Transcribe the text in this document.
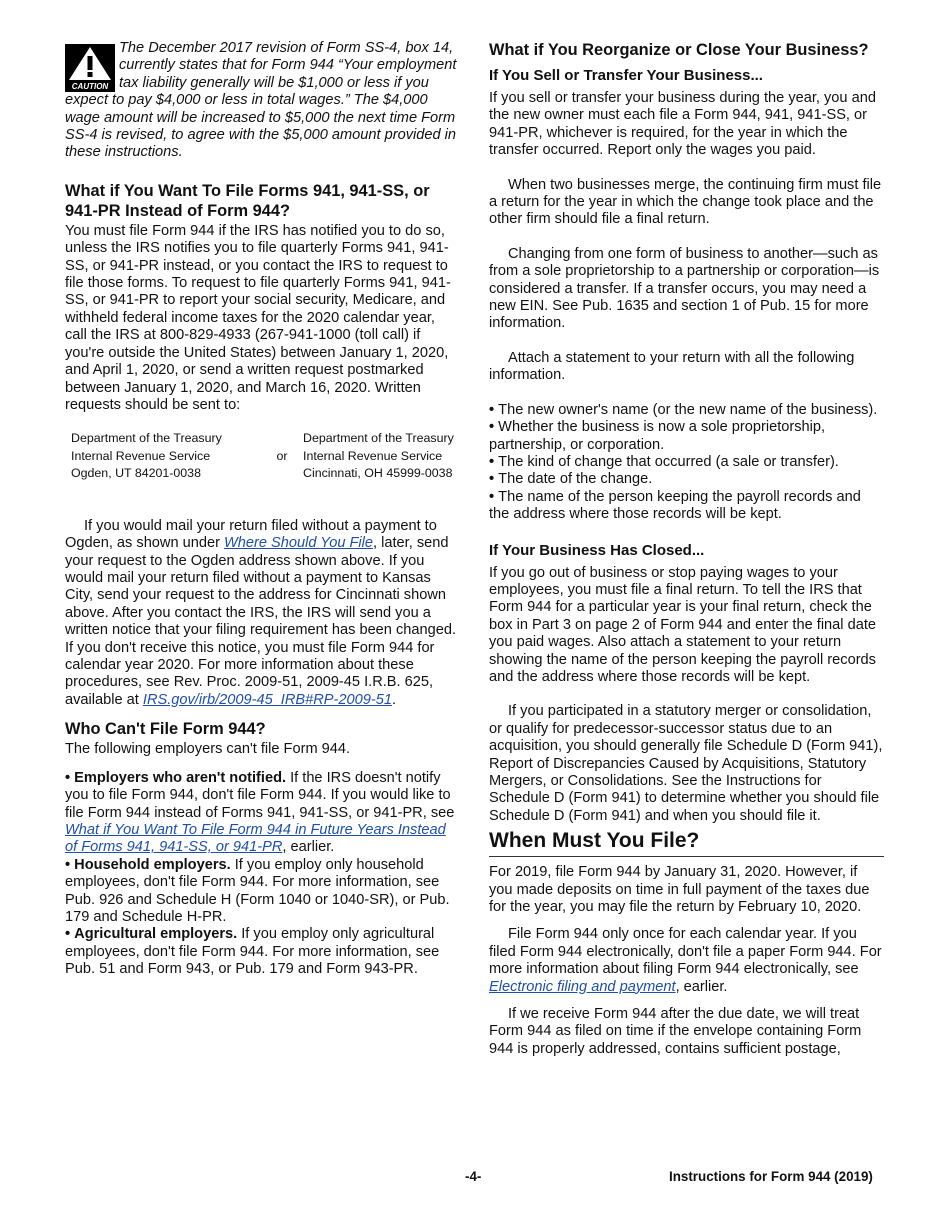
CAUTION
The December 2017 revision of Form SS-4, box 14, currently states that for Form 944 “Your employment tax liability generally will be $1,000 or less if you expect to pay $4,000 or less in total wages.” The $4,000 wage amount will be increased to $5,000 the next time Form SS-4 is revised, to agree with the $5,000 amount provided in these instructions.
What if You Want To File Forms 941, 941-SS, or 941-PR Instead of Form 944?

You must file Form 944 if the IRS has notified you to do so, unless the IRS notifies you to file quarterly Forms 941, 941-SS, or 941-PR instead, or you contact the IRS to request to file those forms. To request to file quarterly Forms 941, 941-SS, or 941-PR to report your social security, Medicare, and withheld federal income taxes for the 2020 calendar year, call the IRS at 800-829-4933 (267-941-1000 (toll call) if you're outside the United States) between January 1, 2020, and April 1, 2020, or send a written request postmarked between January 1, 2020, and March 16, 2020. Written requests should be sent to:

Department of the Treasury
Internal Revenue Service
Ogden, UT 84201-0038
	or	
Department of the Treasury
Internal Revenue Service
Cincinnati, OH 45999-0038

If you would mail your return filed without a payment to Ogden, as shown under Where Should You File, later, send your request to the Ogden address shown above. If you would mail your return filed without a payment to Kansas City, send your request to the address for Cincinnati shown above. After you contact the IRS, the IRS will send you a written notice that your filing requirement has been changed. If you don't receive this notice, you must file Form 944 for calendar year 2020. For more information about these procedures, see Rev. Proc. 2009-51, 2009-45 I.R.B. 625, available at IRS.gov/irb/2009-45_IRB#RP-2009-51.

Who Can't File Form 944?

The following employers can't file Form 944.

• Employers who aren't notified. If the IRS doesn't notify you to file Form 944, don't file Form 944. If you would like to file Form 944 instead of Forms 941, 941-SS, or 941-PR, see What if You Want To File Form 944 in Future Years Instead of Forms 941, 941-SS, or 941-PR, earlier.

• Household employers. If you employ only household employees, don't file Form 944. For more information, see Pub. 926 and Schedule H (Form 1040 or 1040-SR), or Pub. 179 and Schedule H-PR.

• Agricultural employers. If you employ only agricultural employees, don't file Form 944. For more information, see Pub. 51 and Form 943, or Pub. 179 and Form 943-PR.

What if You Reorganize or Close Your Business?
If You Sell or Transfer Your Business...

If you sell or transfer your business during the year, you and the new owner must each file a Form 944, 941, 941-SS, or 941-PR, whichever is required, for the year in which the transfer occurred. Report only the wages you paid.

When two businesses merge, the continuing firm must file a return for the year in which the change took place and the other firm should file a final return.

Changing from one form of business to another—such as from a sole proprietorship to a partnership or corporation—is considered a transfer. If a transfer occurs, you may need a new EIN. See Pub. 1635 and section 1 of Pub. 15 for more information.

Attach a statement to your return with all the following information.

• The new owner's name (or the new name of the business).

• Whether the business is now a sole proprietorship, partnership, or corporation.

• The kind of change that occurred (a sale or transfer).

• The date of the change.

• The name of the person keeping the payroll records and the address where those records will be kept.

If Your Business Has Closed...

If you go out of business or stop paying wages to your employees, you must file a final return. To tell the IRS that Form 944 for a particular year is your final return, check the box in Part 3 on page 2 of Form 944 and enter the final date you paid wages. Also attach a statement to your return showing the name of the person keeping the payroll records and the address where those records will be kept.

If you participated in a statutory merger or consolidation, or qualify for predecessor-successor status due to an acquisition, you should generally file Schedule D (Form 941), Report of Discrepancies Caused by Acquisitions, Statutory Mergers, or Consolidations. See the Instructions for Schedule D (Form 941) to determine whether you should file Schedule D (Form 941) and when you should file it.

When Must You File?

For 2019, file Form 944 by January 31, 2020. However, if you made deposits on time in full payment of the taxes due for the year, you may file the return by February 10, 2020.

File Form 944 only once for each calendar year. If you filed Form 944 electronically, don't file a paper Form 944. For more information about filing Form 944 electronically, see Electronic filing and payment, earlier.

If we receive Form 944 after the due date, we will treat Form 944 as filed on time if the envelope containing Form 944 is properly addressed, contains sufficient postage,

-4-	Instructions for Form 944 (2019)
